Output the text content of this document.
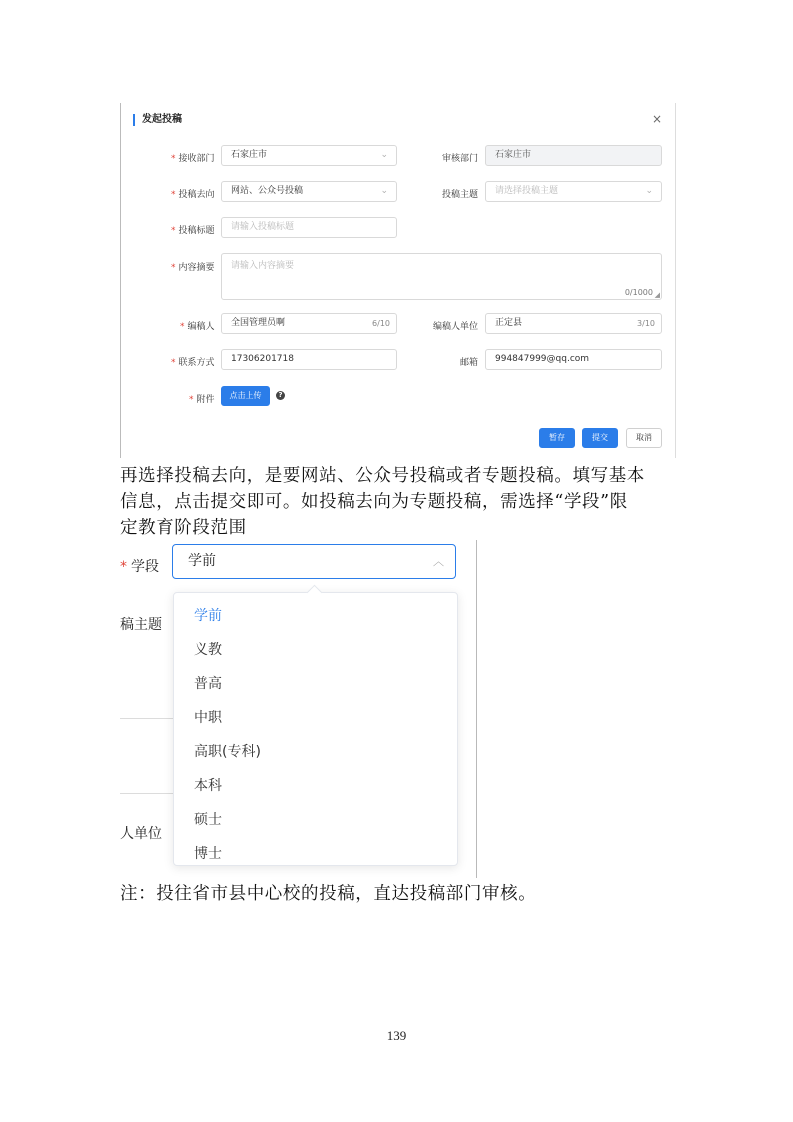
发起投稿	×
* 接收部门	石家庄市	⌄	审核部门	石家庄市
* 投稿去向	网站、公众号投稿	⌄	投稿主题	请选择投稿主题	⌄
* 投稿标题	请输入投稿标题
* 内容摘要	请输入内容摘要
0/1000 ◢
* 编稿人	全国管理员啊	6/10	编稿人单位	正定县	3/10
* 联系方式	17306201718	邮箱	994847999@qq.com
* 附件	点击上传	?
暂存	提交	取消
再选择投稿去向，是要网站、公众号投稿或者专题投稿。填写基本
信息，点击提交即可。如投稿去向为专题投稿，需选择“学段”限
定教育阶段范围
* 学段	学前	︿
稿主题
人单位
学前
义教
普高
中职
高职(专科)
本科
硕士
博士
注：投往省市县中心校的投稿，直达投稿部门审核。
139
